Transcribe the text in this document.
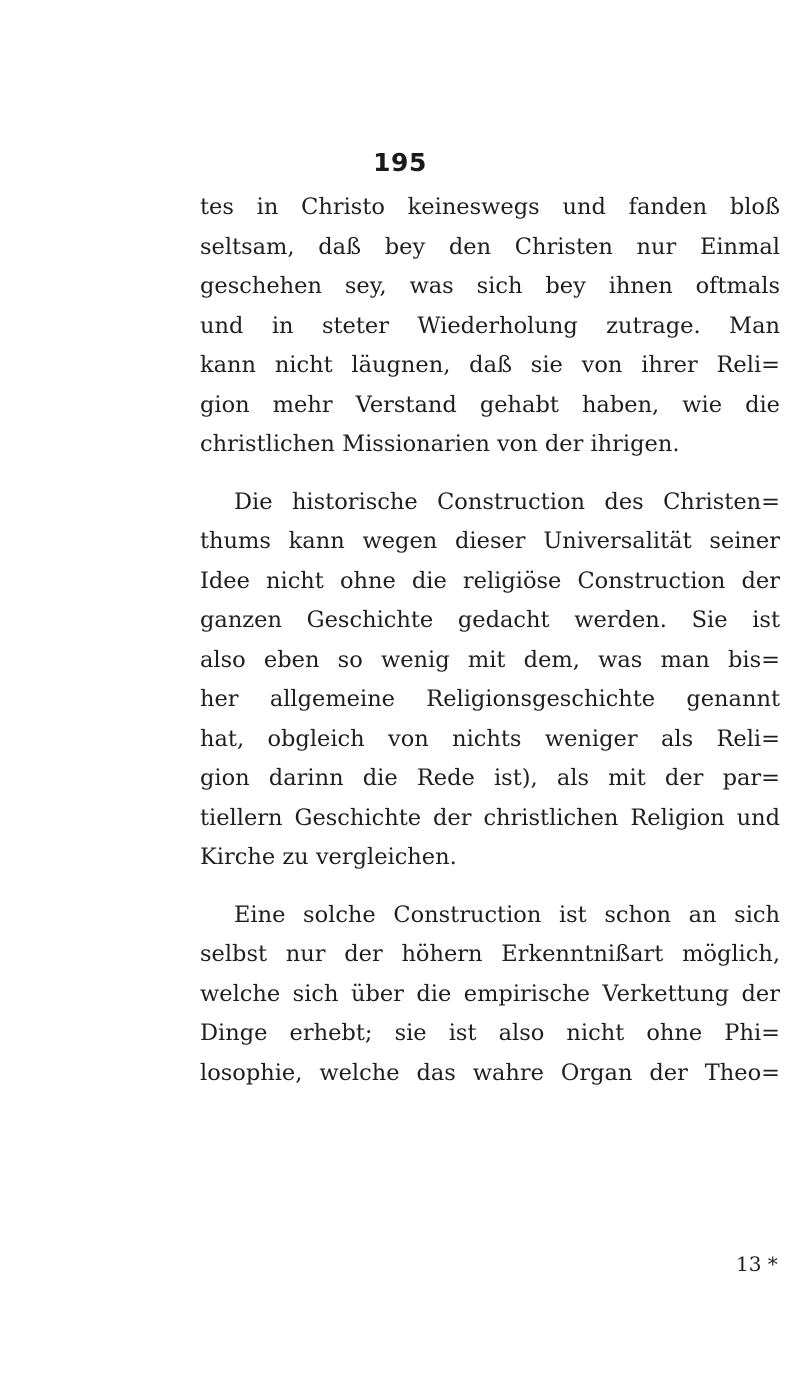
195
tes in Christo keineswegs und fanden bloß
seltsam, daß bey den Christen nur Einmal
geschehen sey, was sich bey ihnen oftmals
und in steter Wiederholung zutrage. Man
kann nicht läugnen, daß sie von ihrer Reli=
gion mehr Verstand gehabt haben, wie die
christlichen Missionarien von der ihrigen.
Die historische Construction des Christen=
thums kann wegen dieser Universalität seiner
Idee nicht ohne die religiöse Construction der
ganzen Geschichte gedacht werden. Sie ist
also eben so wenig mit dem, was man bis=
her allgemeine Religionsgeschichte genannt
hat, obgleich von nichts weniger als Reli=
gion darinn die Rede ist), als mit der par=
tiellern Geschichte der christlichen Religion und
Kirche zu vergleichen.
Eine solche Construction ist schon an sich
selbst nur der höhern Erkenntnißart möglich,
welche sich über die empirische Verkettung der
Dinge erhebt; sie ist also nicht ohne Phi=
losophie, welche das wahre Organ der Theo=
13 *
